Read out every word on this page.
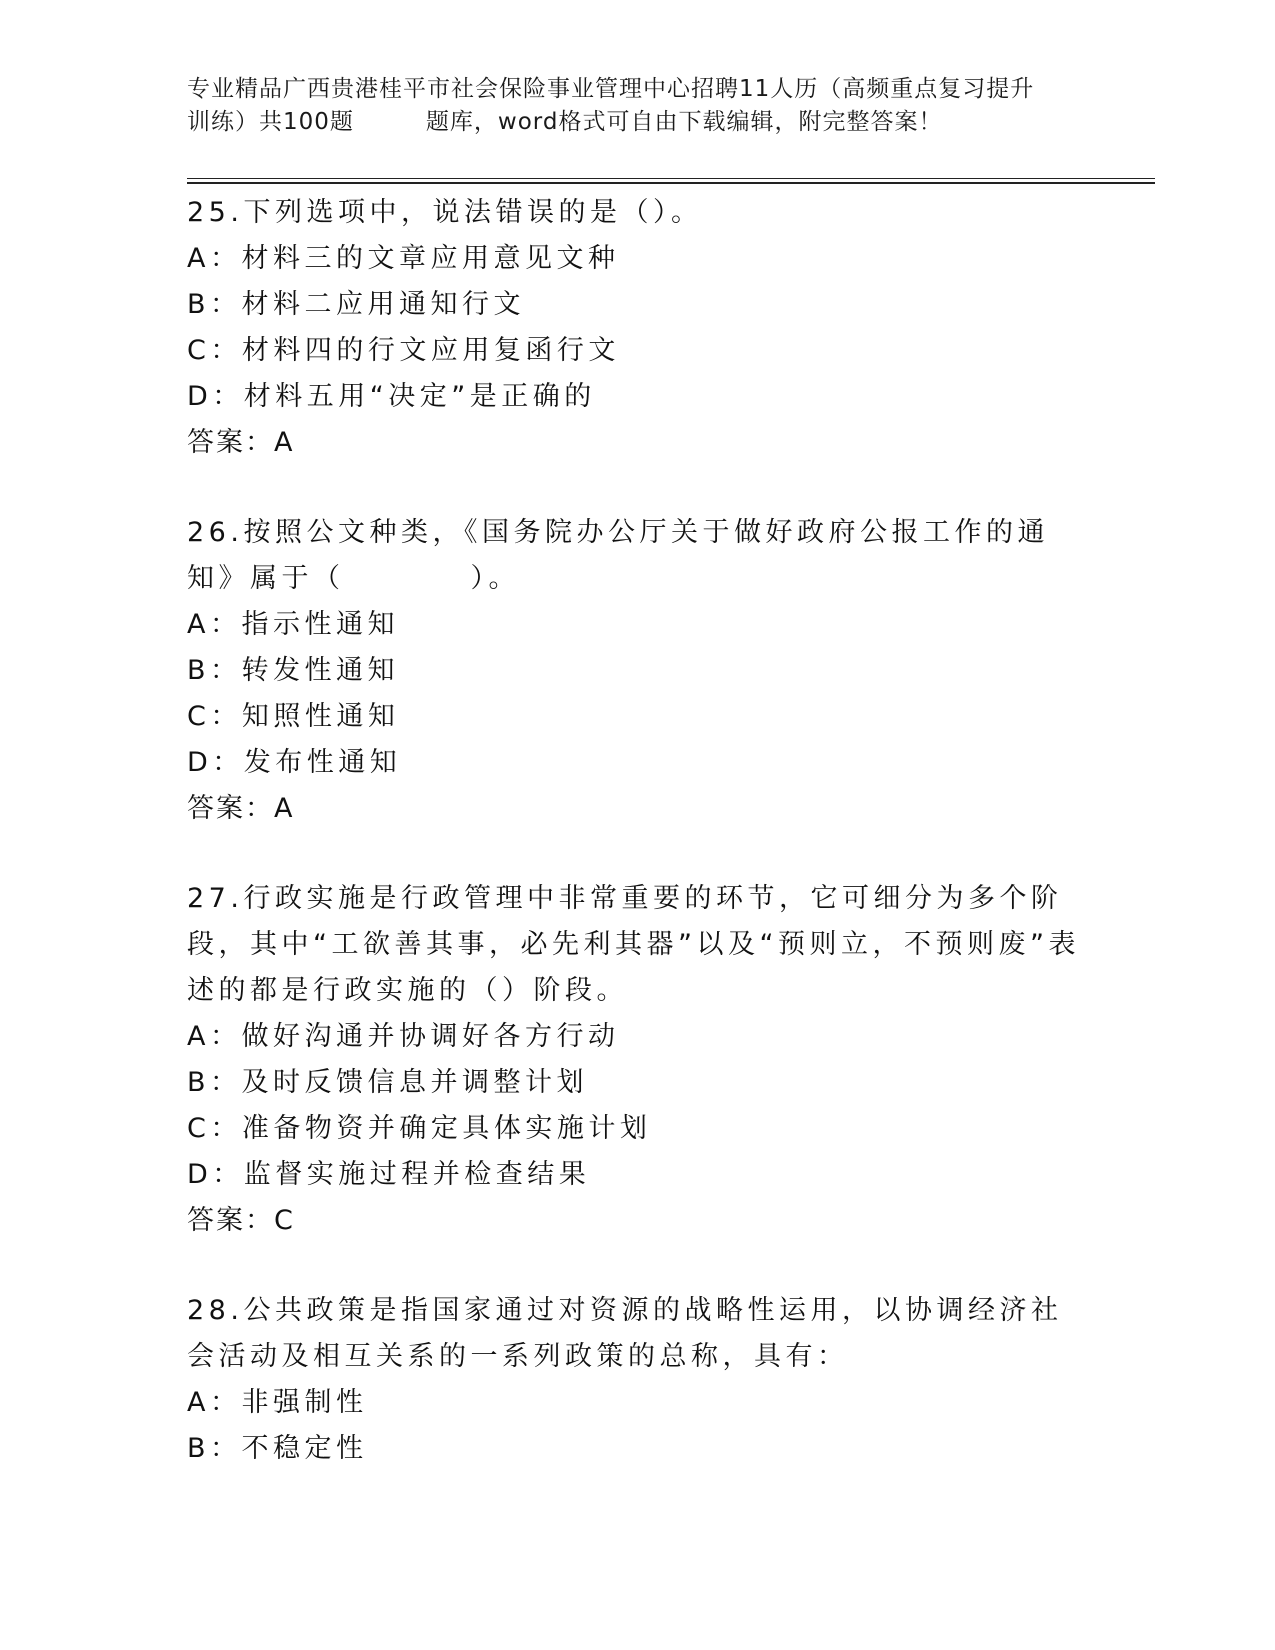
专业精品广西贵港桂平市社会保险事业管理中心招聘11人历（高频重点复习提升
训练）共100题	题库，word格式可自由下载编辑，附完整答案！
25.下列选项中，说法错误的是（）。
A：材料三的文章应用意见文种
B：材料二应用通知行文
C：材料四的行文应用复函行文
D：材料五用“决定”是正确的
答案：A
26.按照公文种类，《国务院办公厅关于做好政府公报工作的通知》属于（　　　　）。
A：指示性通知
B：转发性通知
C：知照性通知
D：发布性通知
答案：A
27.行政实施是行政管理中非常重要的环节，它可细分为多个阶段，其中“工欲善其事，必先利其器”以及“预则立，不预则废”表述的都是行政实施的（）阶段。
A：做好沟通并协调好各方行动
B：及时反馈信息并调整计划
C：准备物资并确定具体实施计划
D：监督实施过程并检查结果
答案：C
28.公共政策是指国家通过对资源的战略性运用，以协调经济社会活动及相互关系的一系列政策的总称，具有：
A：非强制性
B：不稳定性
